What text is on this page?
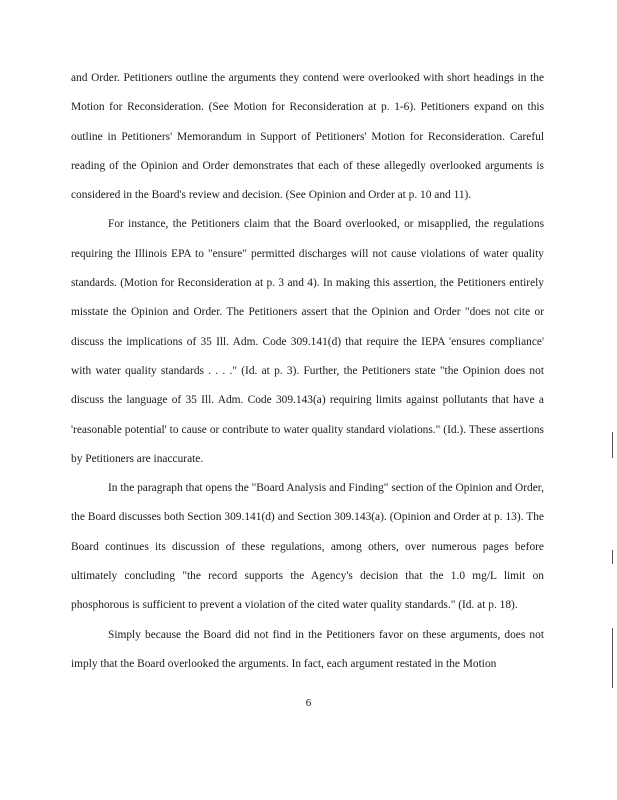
and Order. Petitioners outline the arguments they contend were overlooked with short headings in the Motion for Reconsideration. (See Motion for Reconsideration at p. 1-6). Petitioners expand on this outline in Petitioners' Memorandum in Support of Petitioners' Motion for Reconsideration. Careful reading of the Opinion and Order demonstrates that each of these allegedly overlooked arguments is considered in the Board's review and decision. (See Opinion and Order at p. 10 and 11).

For instance, the Petitioners claim that the Board overlooked, or misapplied, the regulations requiring the Illinois EPA to "ensure" permitted discharges will not cause violations of water quality standards. (Motion for Reconsideration at p. 3 and 4). In making this assertion, the Petitioners entirely misstate the Opinion and Order. The Petitioners assert that the Opinion and Order "does not cite or discuss the implications of 35 Ill. Adm. Code 309.141(d) that require the IEPA 'ensures compliance' with water quality standards . . . ." (Id. at p. 3). Further, the Petitioners state "the Opinion does not discuss the language of 35 Ill. Adm. Code 309.143(a) requiring limits against pollutants that have a 'reasonable potential' to cause or contribute to water quality standard violations." (Id.). These assertions by Petitioners are inaccurate.

In the paragraph that opens the "Board Analysis and Finding" section of the Opinion and Order, the Board discusses both Section 309.141(d) and Section 309.143(a). (Opinion and Order at p. 13). The Board continues its discussion of these regulations, among others, over numerous pages before ultimately concluding "the record supports the Agency's decision that the 1.0 mg/L limit on phosphorous is sufficient to prevent a violation of the cited water quality standards." (Id. at p. 18).

Simply because the Board did not find in the Petitioners favor on these arguments, does not imply that the Board overlooked the arguments. In fact, each argument restated in the Motion

6
